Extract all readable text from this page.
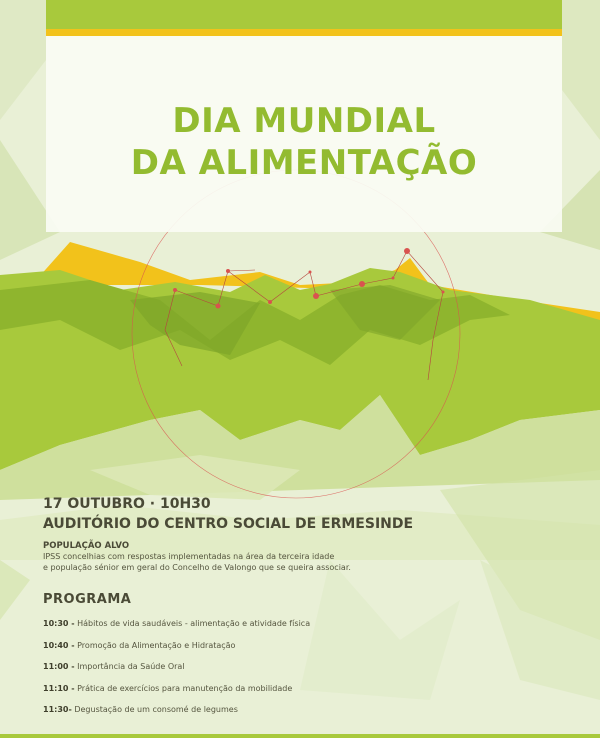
DIA MUNDIAL
DA ALIMENTAÇÃO
17 OUTUBRO · 10H30
AUDITÓRIO DO CENTRO SOCIAL DE ERMESINDE
POPULAÇÃO ALVO
IPSS concelhias com respostas implementadas na área da terceira idade
e população sénior em geral do Concelho de Valongo que se queira associar.
PROGRAMA
10:30 - Hábitos de vida saudáveis - alimentação e atividade física
10:40 - Promoção da Alimentação e Hidratação
11:00 - Importância da Saúde Oral
11:10 - Prática de exercícios para manutenção da mobilidade
11:30- Degustação de um consomé de legumes
